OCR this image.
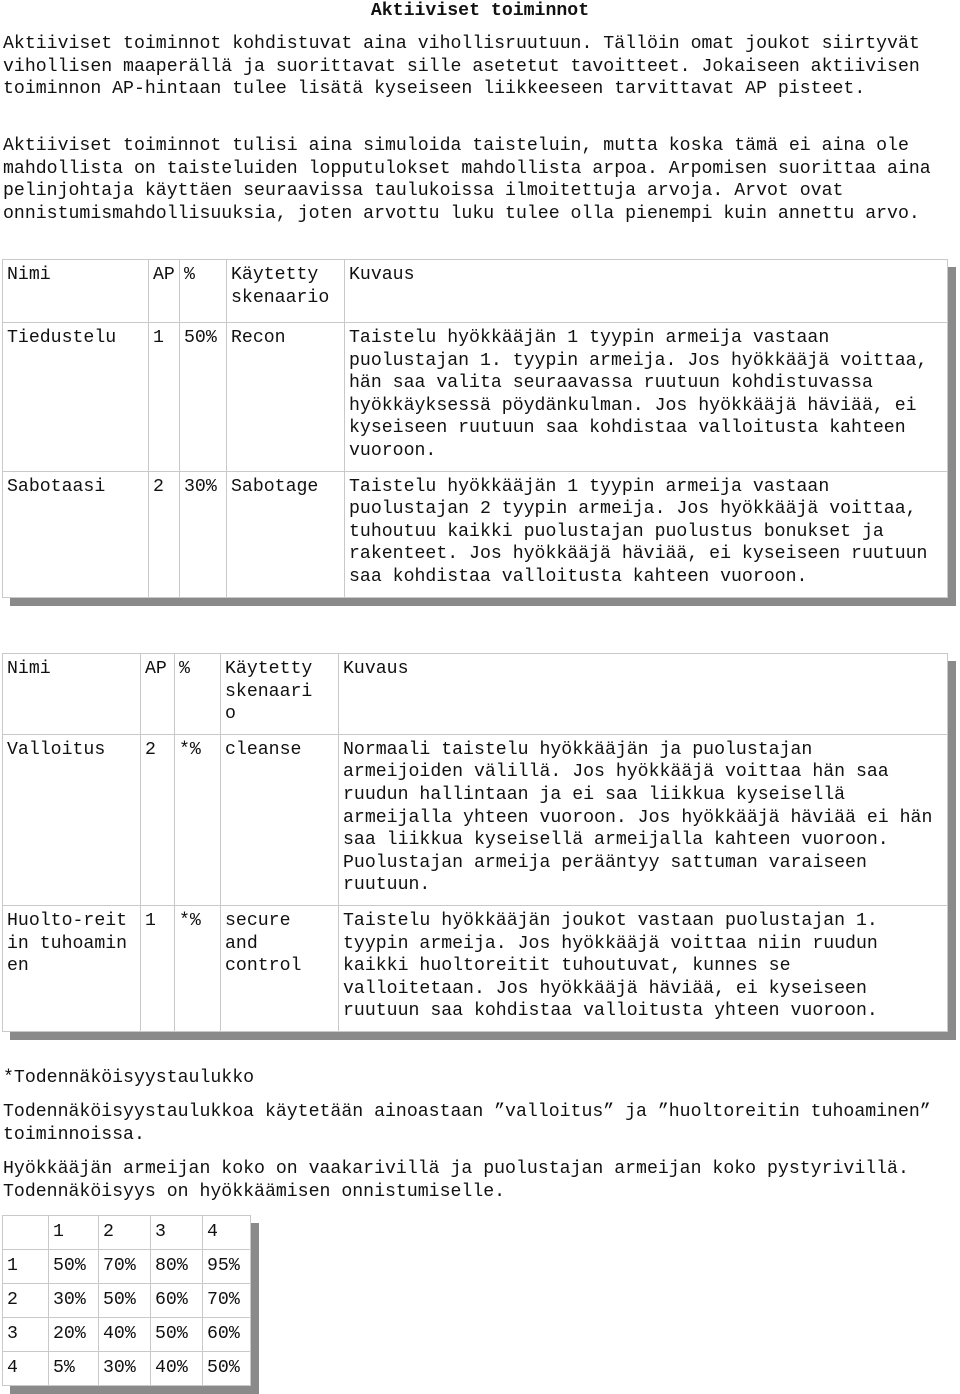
Aktiiviset toiminnot

Aktiiviset toiminnot kohdistuvat aina vihollisruutuun. Tällöin omat joukot siirtyvät vihollisen maaperällä ja suorittavat sille asetetut tavoitteet. Jokaiseen aktiivisen toiminnon AP-hintaan tulee lisätä kyseiseen liikkeeseen tarvittavat AP pisteet.

Aktiiviset toiminnot tulisi aina simuloida taisteluin, mutta koska tämä ei aina ole mahdollista on taisteluiden lopputulokset mahdollista arpoa. Arpomisen suorittaa aina pelinjohtaja käyttäen seuraavissa taulukoissa ilmoitettuja arvoja. Arvot ovat onnistumismahdollisuuksia, joten arvottu luku tulee olla pienempi kuin annettu arvo.

Nimi	AP	%	Käytetty skenaario	Kuvaus
Tiedustelu	1	50%	Recon	Taistelu hyökkääjän 1 tyypin armeija vastaan puolustajan 1. tyypin armeija. Jos hyökkääjä voittaa, hän saa valita seuraavassa ruutuun kohdistuvassa hyökkäyksessä pöydänkulman. Jos hyökkääjä häviää, ei kyseiseen ruutuun saa kohdistaa valloitusta kahteen vuoroon.
Sabotaasi	2	30%	Sabotage	Taistelu hyökkääjän 1 tyypin armeija vastaan puolustajan 2 tyypin armeija. Jos hyökkääjä voittaa, tuhoutuu kaikki puolustajan puolustus bonukset ja rakenteet. Jos hyökkääjä häviää, ei kyseiseen ruutuun saa kohdistaa valloitusta kahteen vuoroon.
Nimi	AP	%	Käytetty skenaari o	Kuvaus
Valloitus	2	*%	cleanse	Normaali taistelu hyökkääjän ja puolustajan armeijoiden välillä. Jos hyökkääjä voittaa hän saa ruudun hallintaan ja ei saa liikkua kyseisellä armeijalla yhteen vuoroon. Jos hyökkääjä häviää ei hän saa liikkua kyseisellä armeijalla kahteen vuoroon. Puolustajan armeija perääntyy sattuman varaiseen ruutuun.
Huolto-reitin tuhoaminen	1	*%	secure and control	Taistelu hyökkääjän joukot vastaan puolustajan 1. tyypin armeija. Jos hyökkääjä voittaa niin ruudun kaikki huoltoreitit tuhoutuvat, kunnes se valloitetaan. Jos hyökkääjä häviää, ei kyseiseen ruutuun saa kohdistaa valloitusta yhteen vuoroon.

*Todennäköisyystaulukko

Todennäköisyystaulukkoa käytetään ainoastaan ”valloitus” ja ”huoltoreitin tuhoaminen” toiminnoissa.

Hyökkääjän armeijan koko on vaakarivillä ja puolustajan armeijan koko pystyrivillä. Todennäköisyys on hyökkäämisen onnistumiselle.

	1	2	3	4
1	50%	70%	80%	95%
2	30%	50%	60%	70%
3	20%	40%	50%	60%
4	5%	30%	40%	50%
